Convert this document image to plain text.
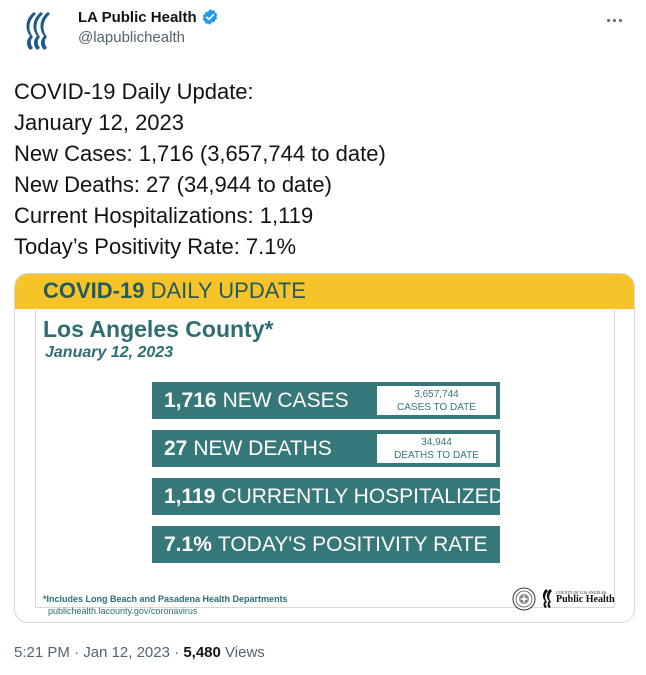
LA Public Health
@lapublichealth
COVID-19 Daily Update:
January 12, 2023
New Cases: 1,716 (3,657,744 to date)
New Deaths: 27 (34,944 to date)
Current Hospitalizations: 1,119
Today’s Positivity Rate: 7.1%
COVID-19 DAILY UPDATE
Los Angeles County*
January 12, 2023
1,716 NEW CASES	3,657,744
CASES TO DATE
27 NEW DEATHS	34,944
DEATHS TO DATE
1,119 CURRENTLY HOSPITALIZED
7.1% TODAY'S POSITIVITY RATE
*Includes Long Beach and Pasadena Health Departments
publichealth.lacounty.gov/coronavirus
COUNTY OF LOS ANGELES
Public Health
5:21 PM · Jan 12, 2023 · 5,480 Views
